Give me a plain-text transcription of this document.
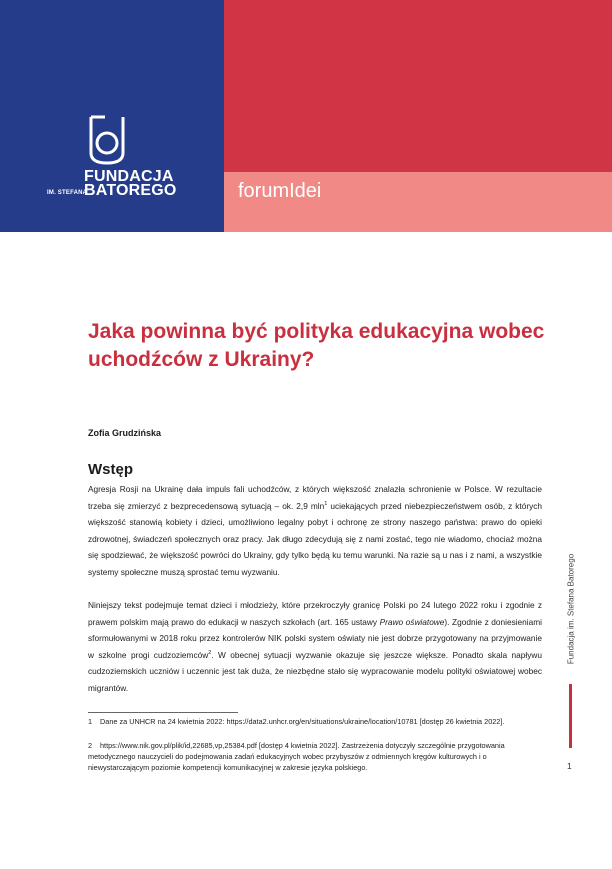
FUNDACJA
IM. STEFANA
BATOREGO	forumIdei
Jaka powinna być polityka edukacyjna wobec uchodźców z Ukrainy?
Zofia Grudzińska
Wstęp

Agresja Rosji na Ukrainę dała impuls fali uchodźców, z których większość znalazła schronienie w Polsce. W rezultacie trzeba się zmierzyć z bezprecedensową sytuacją – ok. 2,9 mln$^1$ uciekających przed niebezpieczeństwem osób, z których większość stanowią kobiety i dzieci, umożliwiono legalny pobyt i ochronę ze strony naszego państwa: prawo do opieki zdrowotnej, świadczeń społecznych oraz pracy. Jak długo zdecydują się z nami zostać, tego nie wiadomo, chociaż można się spodziewać, że większość powróci do Ukrainy, gdy tylko będą ku temu warunki. Na razie są u nas i z nami, a wszystkie systemy społeczne muszą sprostać temu wyzwaniu.

Niniejszy tekst podejmuje temat dzieci i młodzieży, które przekroczyły granicę Polski po 24 lutego 2022 roku i zgodnie z prawem polskim mają prawo do edukacji w naszych szkołach (art. 165 ustawy Prawo oświatowe). Zgodnie z doniesieniami sformułowanymi w 2018 roku przez kontrolerów NIK polski system oświaty nie jest dobrze przygotowany na przyjmowanie w szkolne progi cudzoziemców$^2$. W obecnej sytuacji wyzwanie okazuje się jeszcze większe. Ponadto skala napływu cudzoziemskich uczniów i uczennic jest tak duża, że niezbędne stało się wypracowanie modelu polityki oświatowej wobec migrantów.

1 Dane za UNHCR na 24 kwietnia 2022: https://data2.unhcr.org/en/situations/ukraine/location/10781 [dostęp 26 kwietnia 2022].

2 https://www.nik.gov.pl/plik/id,22685,vp,25384.pdf [dostęp 4 kwietnia 2022]. Zastrzeżenia dotyczyły szczególnie przygotowania metodycznego nauczycieli do podejmowania zadań edukacyjnych wobec przybyszów z odmiennych kręgów kulturowych i o niewystarczającym poziomie kompetencji komunikacyjnej w zakresie języka polskiego.

Fundacja im. Stefana Batorego
1
